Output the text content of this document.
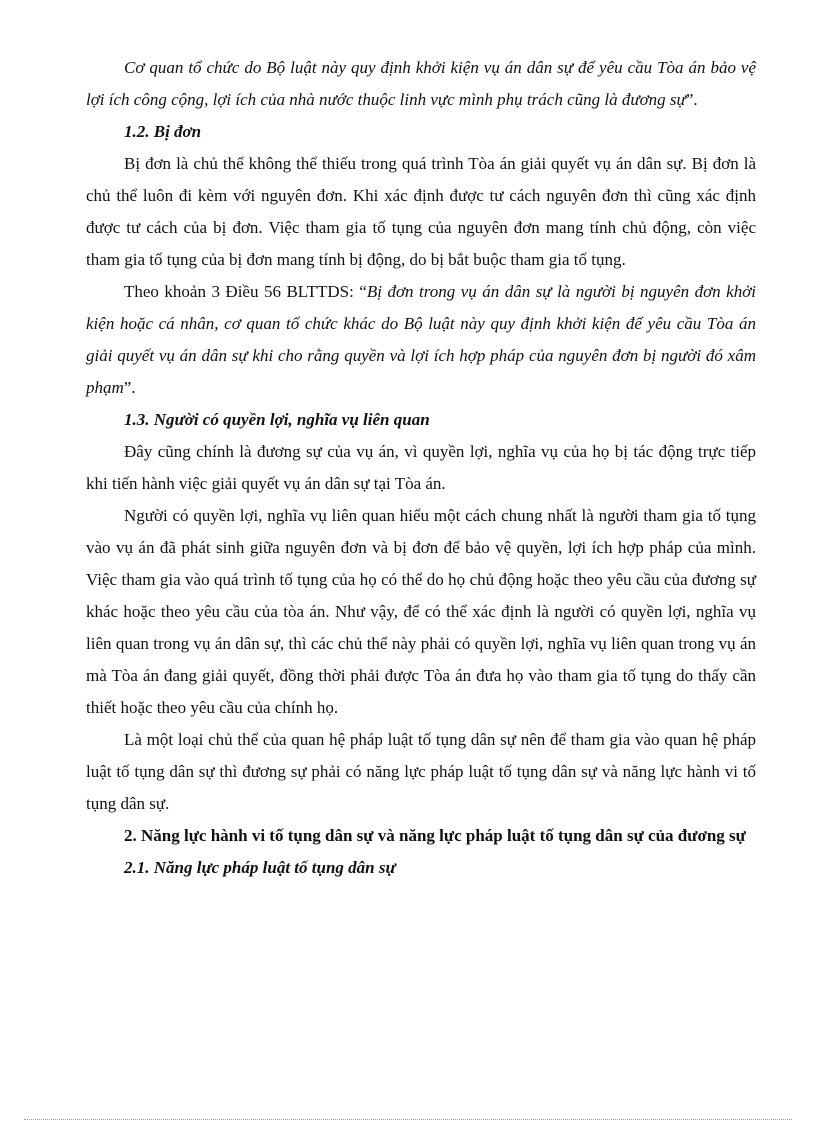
Cơ quan tổ chức do Bộ luật này quy định khởi kiện vụ án dân sự để yêu cầu Tòa án bảo vệ lợi ích công cộng, lợi ích của nhà nước thuộc linh vực mình phụ trách cũng là đương sự”.

1.2. Bị đơn

Bị đơn là chủ thể không thể thiếu trong quá trình Tòa án giải quyết vụ án dân sự. Bị đơn là chủ thể luôn đi kèm với nguyên đơn. Khi xác định được tư cách nguyên đơn thì cũng xác định được tư cách của bị đơn. Việc tham gia tố tụng của nguyên đơn mang tính chủ động, còn việc tham gia tố tụng của bị đơn mang tính bị động, do bị bắt buộc tham gia tố tụng.

Theo khoản 3 Điều 56 BLTTDS: “Bị đơn trong vụ án dân sự là người bị nguyên đơn khởi kiện hoặc cá nhân, cơ quan tổ chức khác do Bộ luật này quy định khởi kiện để yêu cầu Tòa án giải quyết vụ án dân sự khi cho rằng quyền và lợi ích hợp pháp của nguyên đơn bị người đó xâm phạm”.

1.3. Người có quyền lợi, nghĩa vụ liên quan

Đây cũng chính là đương sự của vụ án, vì quyền lợi, nghĩa vụ của họ bị tác động trực tiếp khi tiến hành việc giải quyết vụ án dân sự tại Tòa án.

Người có quyền lợi, nghĩa vụ liên quan hiểu một cách chung nhất là người tham gia tố tụng vào vụ án đã phát sinh giữa nguyên đơn và bị đơn để bảo vệ quyền, lợi ích hợp pháp của mình. Việc tham gia vào quá trình tố tụng của họ có thể do họ chủ động hoặc theo yêu cầu của đương sự khác hoặc theo yêu cầu của tòa án. Như vậy, để có thể xác định là người có quyền lợi, nghĩa vụ liên quan trong vụ án dân sự, thì các chủ thể này phải có quyền lợi, nghĩa vụ liên quan trong vụ án mà Tòa án đang giải quyết, đồng thời phải được Tòa án đưa họ vào tham gia tố tụng do thấy cần thiết hoặc theo yêu cầu của chính họ.

Là một loại chủ thể của quan hệ pháp luật tố tụng dân sự nên để tham gia vào quan hệ pháp luật tố tụng dân sự thì đương sự phải có năng lực pháp luật tố tụng dân sự và năng lực hành vi tố tụng dân sự.

2. Năng lực hành vi tố tụng dân sự và năng lực pháp luật tố tụng dân sự của đương sự

2.1. Năng lực pháp luật tố tụng dân sự
